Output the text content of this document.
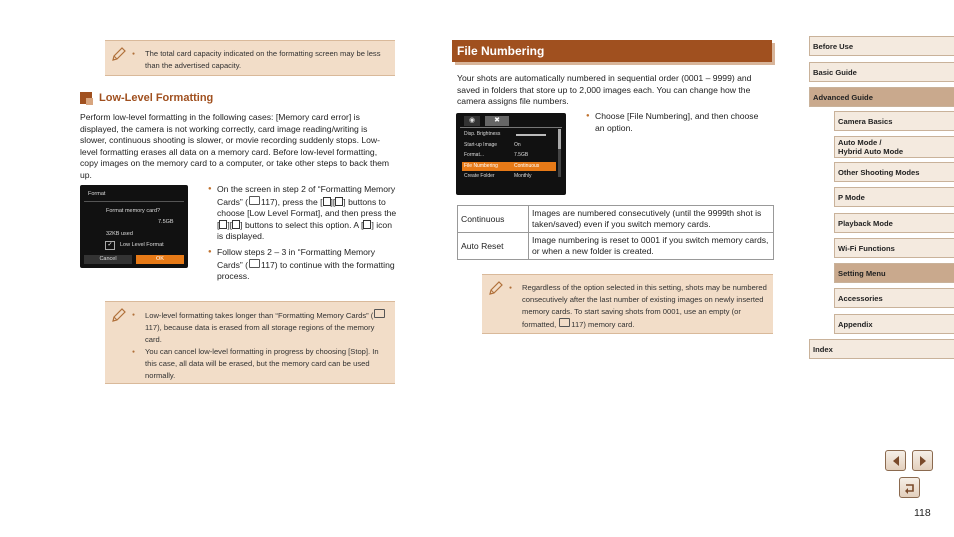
● The total card capacity indicated on the formatting screen may be less than the advertised capacity.
Low-Level Formatting
Perform low-level formatting in the following cases: [Memory card error] is displayed, the camera is not working correctly, card image reading/writing is slower, continuous shooting is slower, or movie recording suddenly stops. Low-level formatting erases all data on a memory card. Before low-level formatting, copy images on the memory card to a computer, or take other steps to back them up.
Format
Format memory card?
7.5GB
32KB used
✓	Low Level Format
Cancel	OK
● On the screen in step 2 of “Formatting Memory Cards” ( 117), press the [ ][ ] buttons to choose [Low Level Format], and then press the [ ][ ] buttons to select this option. A [ ] icon is displayed.
● Follow steps 2 – 3 in “Formatting Memory Cards” ( 117) to continue with the formatting process.
● Low-level formatting takes longer than “Formatting Memory Cards” (117), because data is erased from all storage regions of the memory card.
● You can cancel low-level formatting in progress by choosing [Stop]. In this case, all data will be erased, but the memory card can be used normally.
File Numbering
Your shots are automatically numbered in sequential order (0001 – 9999) and saved in folders that store up to 2,000 images each. You can change how the camera assigns file numbers.
◉	✖
Disp. Brightness
Start-up Image	On
Format...	7.5GB
File Numbering	Continuous
Create Folder	Monthly
● Choose [File Numbering], and then choose an option.
Continuous	Images are numbered consecutively (until the 9999th shot is taken/saved) even if you switch memory cards.
Auto Reset	Image numbering is reset to 0001 if you switch memory cards, or when a new folder is created.
● Regardless of the option selected in this setting, shots may be numbered consecutively after the last number of existing images on newly inserted memory cards. To start saving shots from 0001, use an empty (or formatted, 117) memory card.
Before Use
Basic Guide
Advanced Guide
Camera Basics
Auto Mode /
Hybrid Auto Mode
Other Shooting Modes
P Mode
Playback Mode
Wi-Fi Functions
Setting Menu
Accessories
Appendix
Index
118
